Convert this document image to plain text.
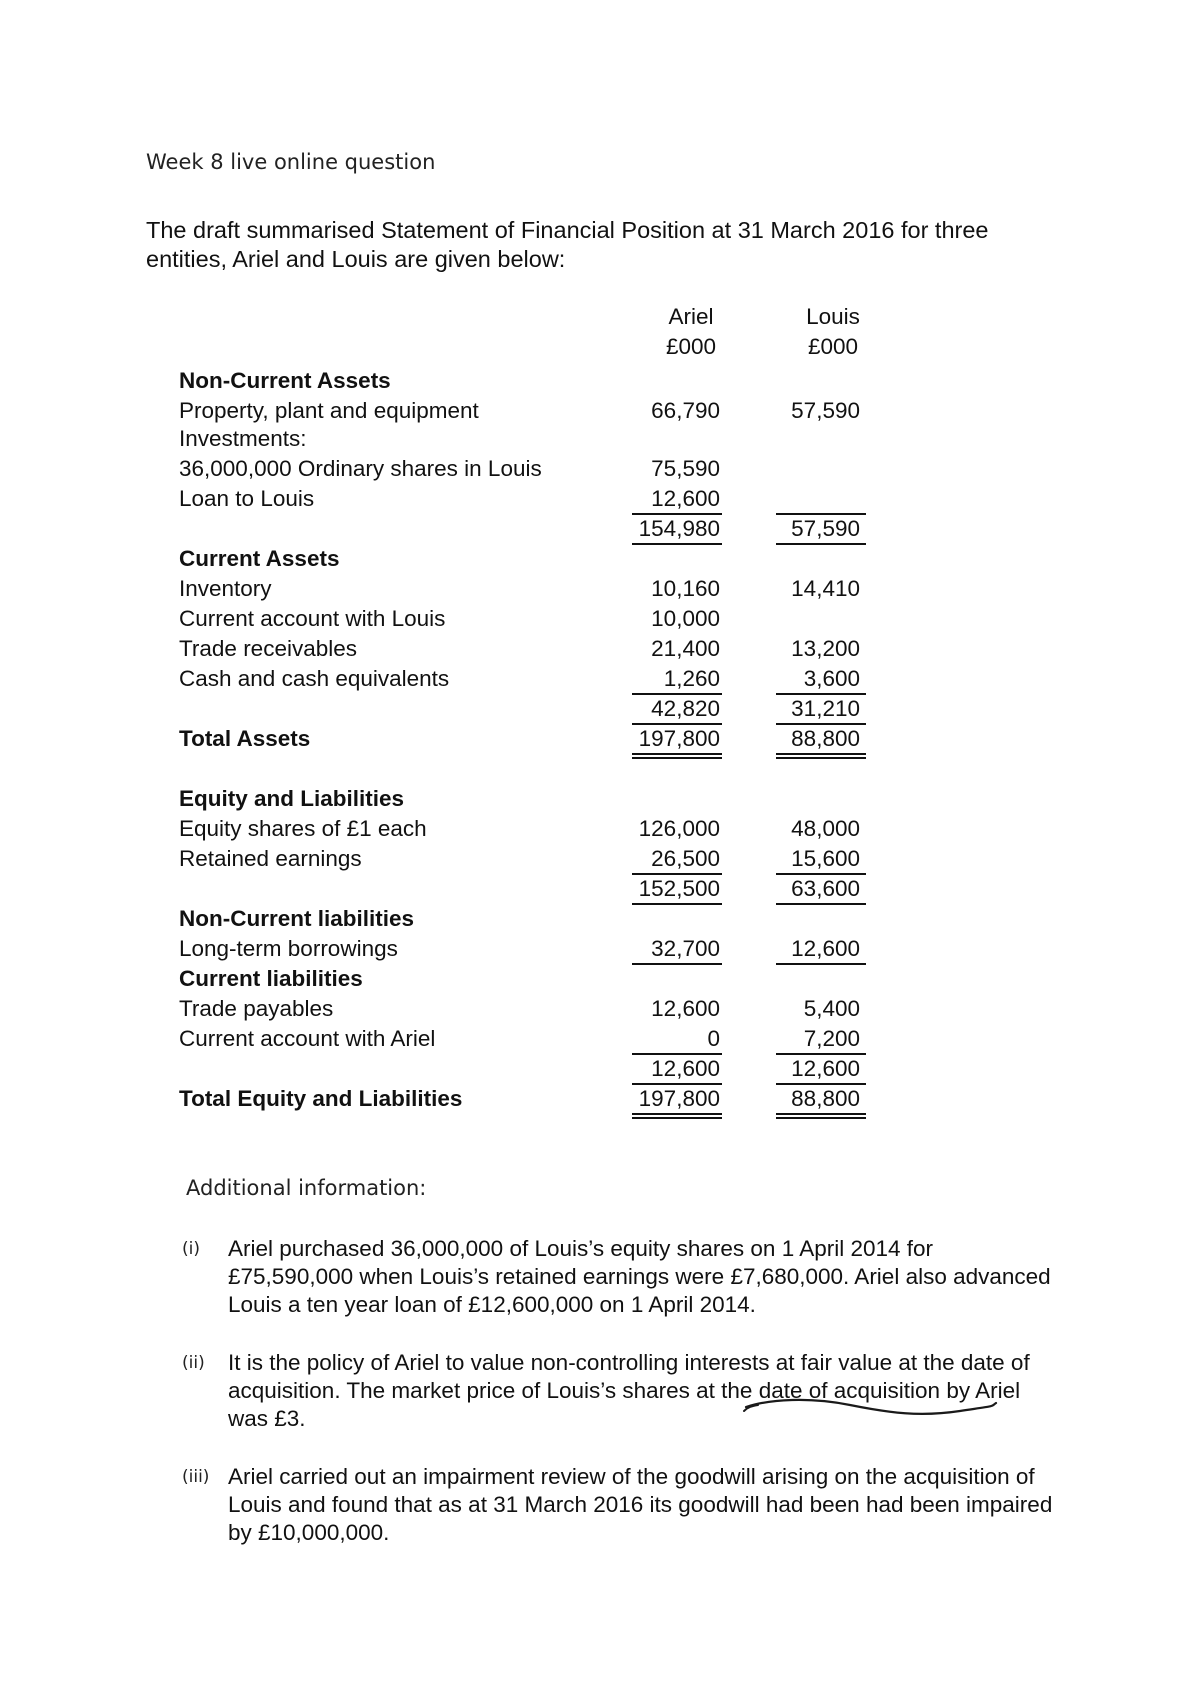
Week 8 live online question
The draft summarised Statement of Financial Position at 31 March 2016 for three entities, Ariel and Louis are given below:
Ariel	Louis
£000	£000
Non-Current Assets
Property, plant and equipment	66,790	57,590
Investments:
36,000,000 Ordinary shares in Louis	75,590
Loan to Louis	12,600
154,980	57,590
Current Assets
Inventory	10,160	14,410
Current account with Louis	10,000
Trade receivables	21,400	13,200
Cash and cash equivalents	1,260	3,600
42,820	31,210
Total Assets	197,800	88,800
Equity and Liabilities
Equity shares of £1 each	126,000	48,000
Retained earnings	26,500	15,600
152,500	63,600
Non-Current liabilities
Long-term borrowings	32,700	12,600
Current liabilities
Trade payables	12,600	5,400
Current account with Ariel	0	7,200
12,600	12,600
Total Equity and Liabilities	197,800	88,800
Additional information:
(i) Ariel purchased 36,000,000 of Louis’s equity shares on 1 April 2014 for £75,590,000 when Louis’s retained earnings were £7,680,000. Ariel also advanced Louis a ten year loan of £12,600,000 on 1 April 2014.
(ii) It is the policy of Ariel to value non-controlling interests at fair value at the date of acquisition. The market price of Louis’s shares at the date of acquisition by Ariel was £3.
(iii) Ariel carried out an impairment review of the goodwill arising on the acquisition of Louis and found that as at 31 March 2016 its goodwill had been had been impaired by £10,000,000.
